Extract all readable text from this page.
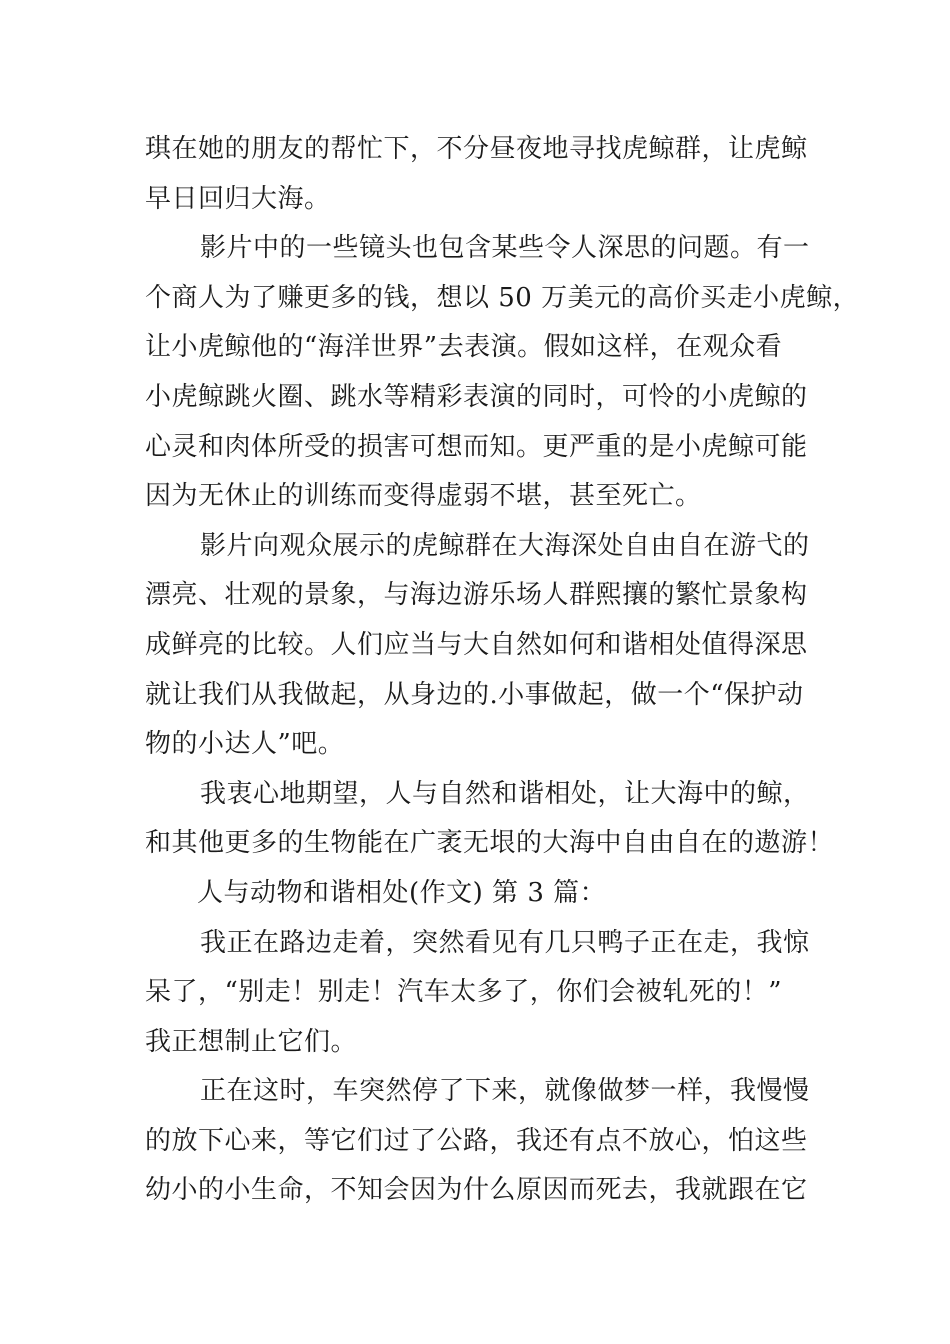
琪在她的朋友的帮忙下，不分昼夜地寻找虎鲸群，让虎鲸
早日回归大海。
影片中的一些镜头也包含某些令人深思的问题。有一
个商人为了赚更多的钱，想以 50 万美元的高价买走小虎鲸，
让小虎鲸他的“海洋世界”去表演。假如这样，在观众看
小虎鲸跳火圈、跳水等精彩表演的同时，可怜的小虎鲸的
心灵和肉体所受的损害可想而知。更严重的是小虎鲸可能
因为无休止的训练而变得虚弱不堪，甚至死亡。
影片向观众展示的虎鲸群在大海深处自由自在游弋的
漂亮、壮观的景象，与海边游乐场人群熙攘的繁忙景象构
成鲜亮的比较。人们应当与大自然如何和谐相处值得深思
就让我们从我做起，从身边的.小事做起，做一个“保护动
物的小达人”吧。
我衷心地期望，人与自然和谐相处，让大海中的鲸，
和其他更多的生物能在广袤无垠的大海中自由自在的遨游！
人与动物和谐相处(作文) 第 3 篇：
我正在路边走着，突然看见有几只鸭子正在走，我惊
呆了，“别走！别走！汽车太多了，你们会被轧死的！”
我正想制止它们。
正在这时，车突然停了下来，就像做梦一样，我慢慢
的放下心来，等它们过了公路，我还有点不放心，怕这些
幼小的小生命，不知会因为什么原因而死去，我就跟在它
